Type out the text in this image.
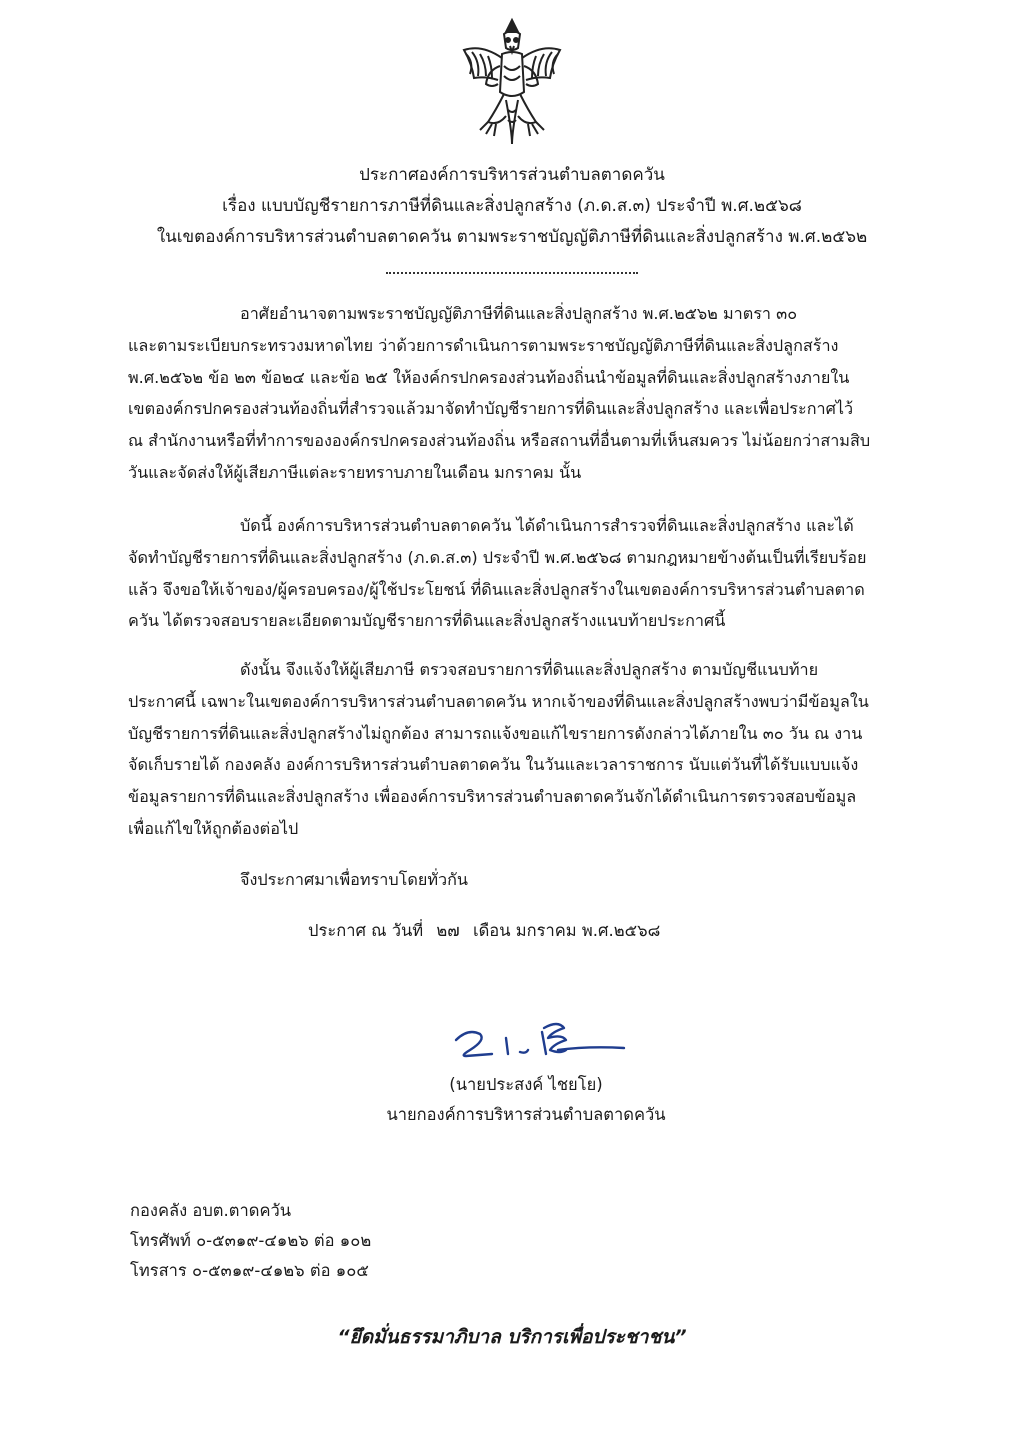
ประกาศองค์การบริหารส่วนตำบลตาดควัน
เรื่อง แบบบัญชีรายการภาษีที่ดินและสิ่งปลูกสร้าง (ภ.ด.ส.๓) ประจำปี พ.ศ.๒๕๖๘
ในเขตองค์การบริหารส่วนตำบลตาดควัน ตามพระราชบัญญัติภาษีที่ดินและสิ่งปลูกสร้าง พ.ศ.๒๕๖๒
อาศัยอำนาจตามพระราชบัญญัติภาษีที่ดินและสิ่งปลูกสร้าง พ.ศ.๒๕๖๒ มาตรา ๓๐
และตามระเบียบกระทรวงมหาดไทย ว่าด้วยการดำเนินการตามพระราชบัญญัติภาษีที่ดินและสิ่งปลูกสร้าง
พ.ศ.๒๕๖๒ ข้อ ๒๓ ข้อ๒๔ และข้อ ๒๕ ให้องค์กรปกครองส่วนท้องถิ่นนำข้อมูลที่ดินและสิ่งปลูกสร้างภายใน
เขตองค์กรปกครองส่วนท้องถิ่นที่สำรวจแล้วมาจัดทำบัญชีรายการที่ดินและสิ่งปลูกสร้าง และเพื่อประกาศไว้
ณ สำนักงานหรือที่ทำการขององค์กรปกครองส่วนท้องถิ่น หรือสถานที่อื่นตามที่เห็นสมควร ไม่น้อยกว่าสามสิบ
วันและจัดส่งให้ผู้เสียภาษีแต่ละรายทราบภายในเดือน มกราคม นั้น
บัดนี้ องค์การบริหารส่วนตำบลตาดควัน ได้ดำเนินการสำรวจที่ดินและสิ่งปลูกสร้าง และได้
จัดทำบัญชีรายการที่ดินและสิ่งปลูกสร้าง (ภ.ด.ส.๓) ประจำปี พ.ศ.๒๕๖๘ ตามกฎหมายข้างต้นเป็นที่เรียบร้อย
แล้ว จึงขอให้เจ้าของ/ผู้ครอบครอง/ผู้ใช้ประโยชน์ ที่ดินและสิ่งปลูกสร้างในเขตองค์การบริหารส่วนตำบลตาด
ควัน ได้ตรวจสอบรายละเอียดตามบัญชีรายการที่ดินและสิ่งปลูกสร้างแนบท้ายประกาศนี้
ดังนั้น จึงแจ้งให้ผู้เสียภาษี ตรวจสอบรายการที่ดินและสิ่งปลูกสร้าง ตามบัญชีแนบท้าย
ประกาศนี้ เฉพาะในเขตองค์การบริหารส่วนตำบลตาดควัน หากเจ้าของที่ดินและสิ่งปลูกสร้างพบว่ามีข้อมูลใน
บัญชีรายการที่ดินและสิ่งปลูกสร้างไม่ถูกต้อง สามารถแจ้งขอแก้ไขรายการดังกล่าวได้ภายใน ๓๐ วัน ณ งาน
จัดเก็บรายได้ กองคลัง องค์การบริหารส่วนตำบลตาดควัน ในวันและเวลาราชการ นับแต่วันที่ได้รับแบบแจ้ง
ข้อมูลรายการที่ดินและสิ่งปลูกสร้าง เพื่อองค์การบริหารส่วนตำบลตาดควันจักได้ดำเนินการตรวจสอบข้อมูล
เพื่อแก้ไขให้ถูกต้องต่อไป
จึงประกาศมาเพื่อทราบโดยทั่วกัน
ประกาศ ณ วันที่ ๒๗ เดือน มกราคม พ.ศ.๒๕๖๘
(นายประสงค์ ไชยโย)
นายกองค์การบริหารส่วนตำบลตาดควัน
กองคลัง อบต.ตาดควัน
โทรศัพท์ ๐-๕๓๑๙-๔๑๒๖ ต่อ ๑๐๒
โทรสาร ๐-๕๓๑๙-๔๑๒๖ ต่อ ๑๐๕
“ยึดมั่นธรรมาภิบาล บริการเพื่อประชาชน”
